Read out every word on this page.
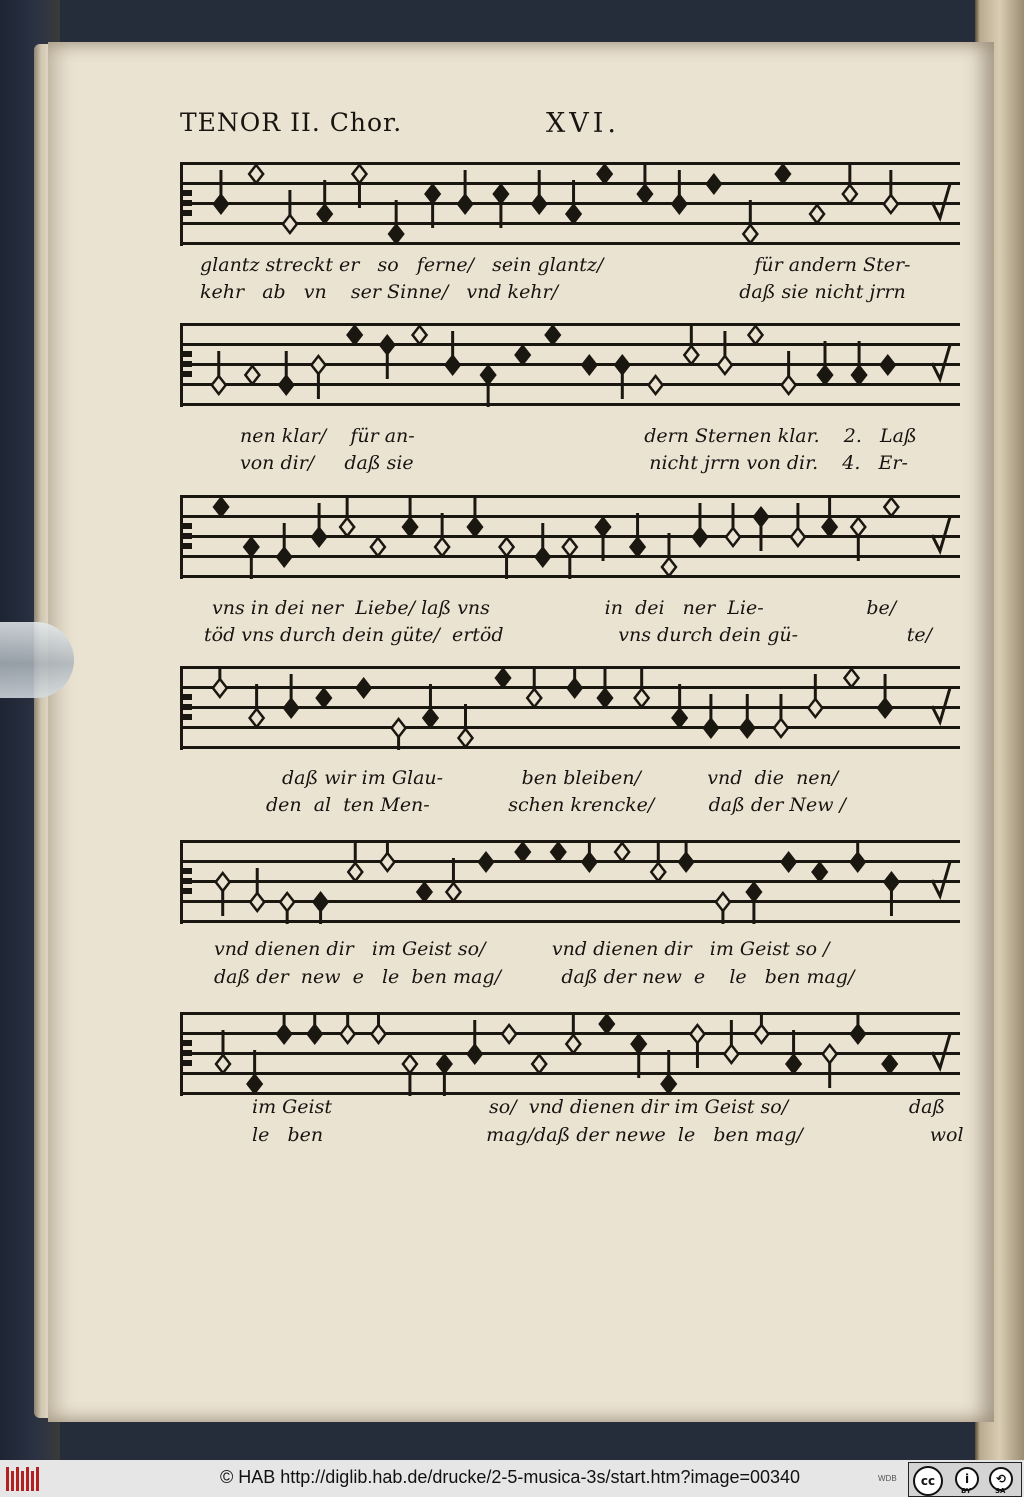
TENOR II. Chor.	XVI.
glantz streckt er   so   ferne/   sein glantz/                         für andern Ster-
kehr   ab   vn    ser Sinne/   vnd kehr/                              daß sie nicht jrrn
nen klar/    für an-                                      dern Sternen klar.    2.   Laß
von dir/     daß sie                                       nicht jrrn von dir.    4.   Er-
vns in dei ner  Liebe/ laß vns                   in  dei   ner  Lie-                 be/
töd vns durch dein güte/  ertöd                   vns durch dein gü-                  te/
daß wir im Glau-             ben bleiben/           vnd  die  nen/
den  al  ten Men-             schen krencke/         daß der New /
vnd dienen dir   im Geist so/           vnd dienen dir   im Geist so /
daß der  new  e   le  ben mag/          daß der new  e    le   ben mag/
im Geist                          so/  vnd dienen dir im Geist so/                    daß
le   ben                           mag/daß der newe  le   ben mag/                     wol
© HAB http://diglib.hab.de/drucke/2-5-musica-3s/start.htm?image=00340	WDB	cc	i	⟲
BY	SA
